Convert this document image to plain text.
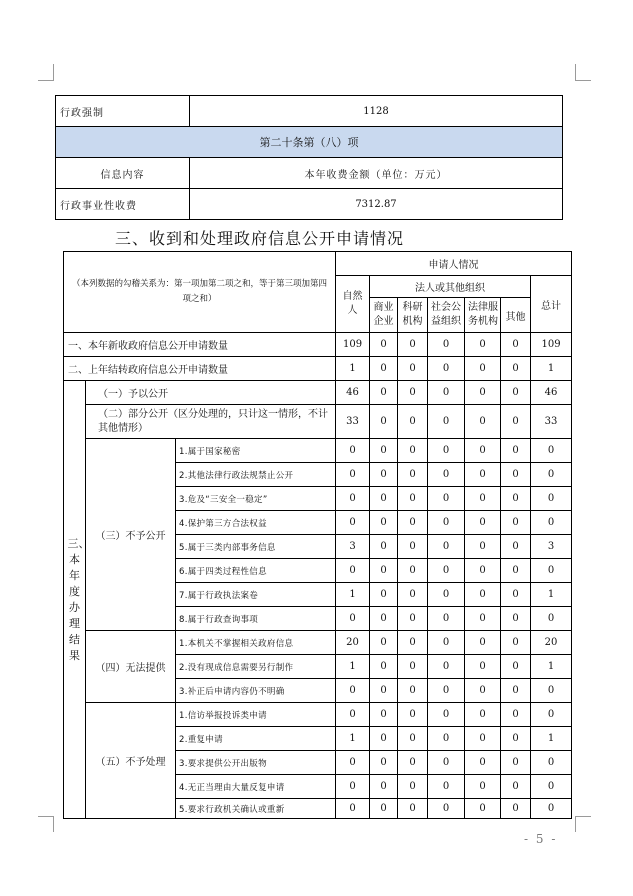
行政强制	1128
第二十条第（八）项	
信息内容	本年收费金额（单位：万元）
行政事业性收费	7312.87
三、收到和处理政府信息公开申请情况
（本列数据的勾稽关系为：第一项加第二项之和，等于第三项加第四项之和）			申请人情况						

			自然人	法人或其他组织					总计

				商业企业	科研机构	社会公益组织	法律服务机构	其他	
一、本年新收政府信息公开申请数量			109	0	0	0	0	0	109
二、上年结转政府信息公开申请数量			1	0	0	0	0	0	1

三、本年度办理结果	（一）予以公开		46	0	0	0	0	0	46

	（二）部分公开（区分处理的，只计这一情形，不计其他情形）		33	0	0	0	0	0	33
	（三）不予公开	1.属于国家秘密	0	0	0	0	0	0	0
		2.其他法律行政法规禁止公开	0	0	0	0	0	0	0
		3.危及“三安全一稳定”	0	0	0	0	0	0	0
		4.保护第三方合法权益	0	0	0	0	0	0	0
		5.属于三类内部事务信息	3	0	0	0	0	0	3
		6.属于四类过程性信息	0	0	0	0	0	0	0
		7.属于行政执法案卷	1	0	0	0	0	0	1
		8.属于行政查询事项	0	0	0	0	0	0	0
	（四）无法提供	1.本机关不掌握相关政府信息	20	0	0	0	0	0	20
		2.没有现成信息需要另行制作	1	0	0	0	0	0	1
		3.补正后申请内容仍不明确	0	0	0	0	0	0	0
	（五）不予处理	1.信访举报投诉类申请	0	0	0	0	0	0	0
		2.重复申请	1	0	0	0	0	0	1
		3.要求提供公开出版物	0	0	0	0	0	0	0
		4.无正当理由大量反复申请	0	0	0	0	0	0	0
		5.要求行政机关确认或重新	0	0	0	0	0	0	0
- 5 -
